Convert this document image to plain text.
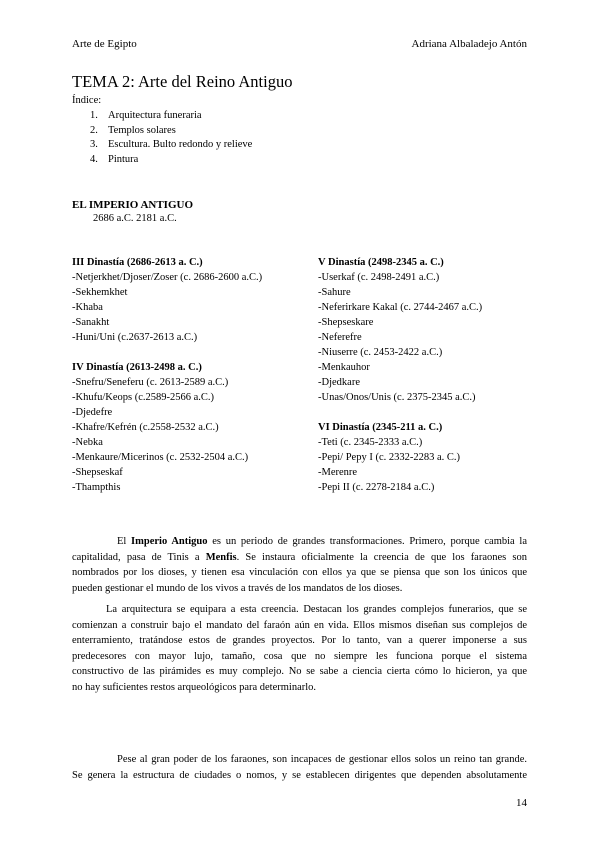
Arte de Egipto	Adriana Albaladejo Antón
TEMA 2: Arte del Reino Antiguo
Índice:
1. Arquitectura funeraria
2. Templos solares
3. Escultura. Bulto redondo y relieve
4. Pintura
EL IMPERIO ANTIGUO
2686 a.C. 2181 a.C.
III Dinastía (2686-2613 a. C.)
-Netjerkhet/Djoser/Zoser (c. 2686-2600 a.C.)
-Sekhemkhet
-Khaba
-Sanakht
-Huni/Uni (c.2637-2613 a.C.)
IV Dinastía (2613-2498 a. C.)
-Snefru/Seneferu (c. 2613-2589 a.C.)
-Khufu/Keops (c.2589-2566 a.C.)
-Djedefre
-Khafre/Kefrén (c.2558-2532 a.C.)
-Nebka
-Menkaure/Micerinos (c. 2532-2504 a.C.)
-Shepseskaf
-Thampthis
V Dinastía (2498-2345 a. C.)
-Userkaf (c. 2498-2491 a.C.)
-Sahure
-Neferirkare Kakal (c. 2744-2467 a.C.)
-Shepseskare
-Neferefre
-Niuserre (c. 2453-2422 a.C.)
-Menkauhor
-Djedkare
-Unas/Onos/Unis (c. 2375-2345 a.C.)
VI Dinastía (2345-211 a. C.)
-Teti (c. 2345-2333 a.C.)
-Pepi/ Pepy I (c. 2332-2283 a. C.)
-Merenre
-Pepi II (c. 2278-2184 a.C.)
El Imperio Antiguo es un periodo de grandes transformaciones. Primero, porque cambia la
capitalidad, pasa de Tinis a Menfis. Se instaura oficialmente la creencia de que los faraones son
nombrados por los dioses, y tienen esa vinculación con ellos ya que se piensa que son los únicos que
pueden gestionar el mundo de los vivos a través de los mandatos de los dioses.
La arquitectura se equipara a esta creencia. Destacan los grandes complejos funerarios, que se
comienzan a construir bajo el mandato del faraón aún en vida. Ellos mismos diseñan sus complejos de
enterramiento, tratándose estos de grandes proyectos. Por lo tanto, van a querer imponerse a sus
predecesores con mayor lujo, tamaño, cosa que no siempre les funciona porque el sistema
constructivo de las pirámides es muy complejo. No se sabe a ciencia cierta cómo lo hicieron, ya que
no hay suficientes restos arqueológicos para determinarlo.
Pese al gran poder de los faraones, son incapaces de gestionar ellos solos un reino tan grande.
Se genera la estructura de ciudades o nomos, y se establecen dirigentes que dependen absolutamente
14
